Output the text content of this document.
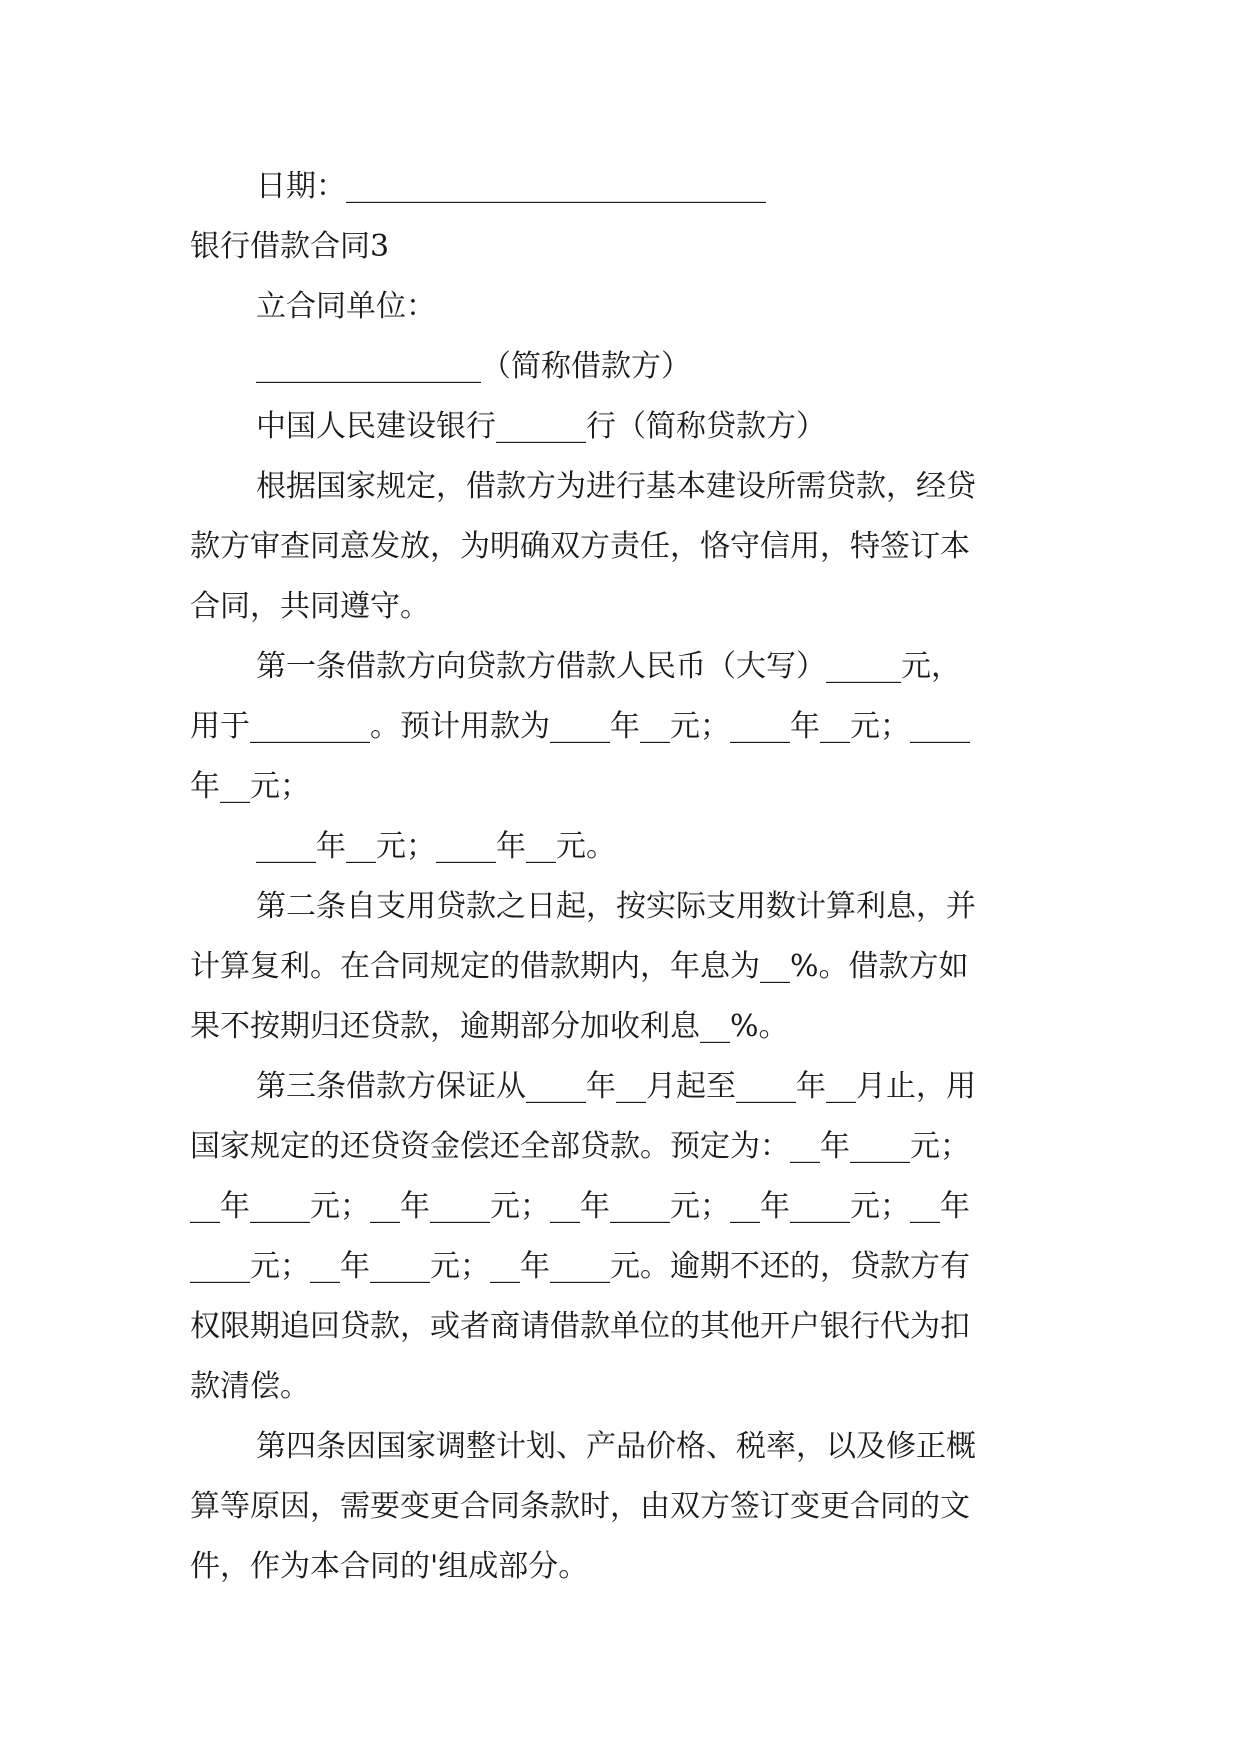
日期：____________________________

银行借款合同3

立合同单位：

_______________（简称借款方）

中国人民建设银行______行（简称贷款方）

根据国家规定，借款方为进行基本建设所需贷款，经贷

款方审查同意发放，为明确双方责任，恪守信用，特签订本

合同，共同遵守。

第一条借款方向贷款方借款人民币（大写）_____元，

用于________。预计用款为____年__元；____年__元；____

年__元；

____年__元；____年__元。

第二条自支用贷款之日起，按实际支用数计算利息，并

计算复利。在合同规定的借款期内，年息为__%。借款方如

果不按期归还贷款，逾期部分加收利息__%。

第三条借款方保证从____年__月起至____年__月止，用

国家规定的还贷资金偿还全部贷款。预定为：__年____元；

__年____元；__年____元；__年____元；__年____元；__年

____元；__年____元；__年____元。逾期不还的，贷款方有

权限期追回贷款，或者商请借款单位的其他开户银行代为扣

款清偿。

第四条因国家调整计划、产品价格、税率，以及修正概

算等原因，需要变更合同条款时，由双方签订变更合同的文

件，作为本合同的'组成部分。
